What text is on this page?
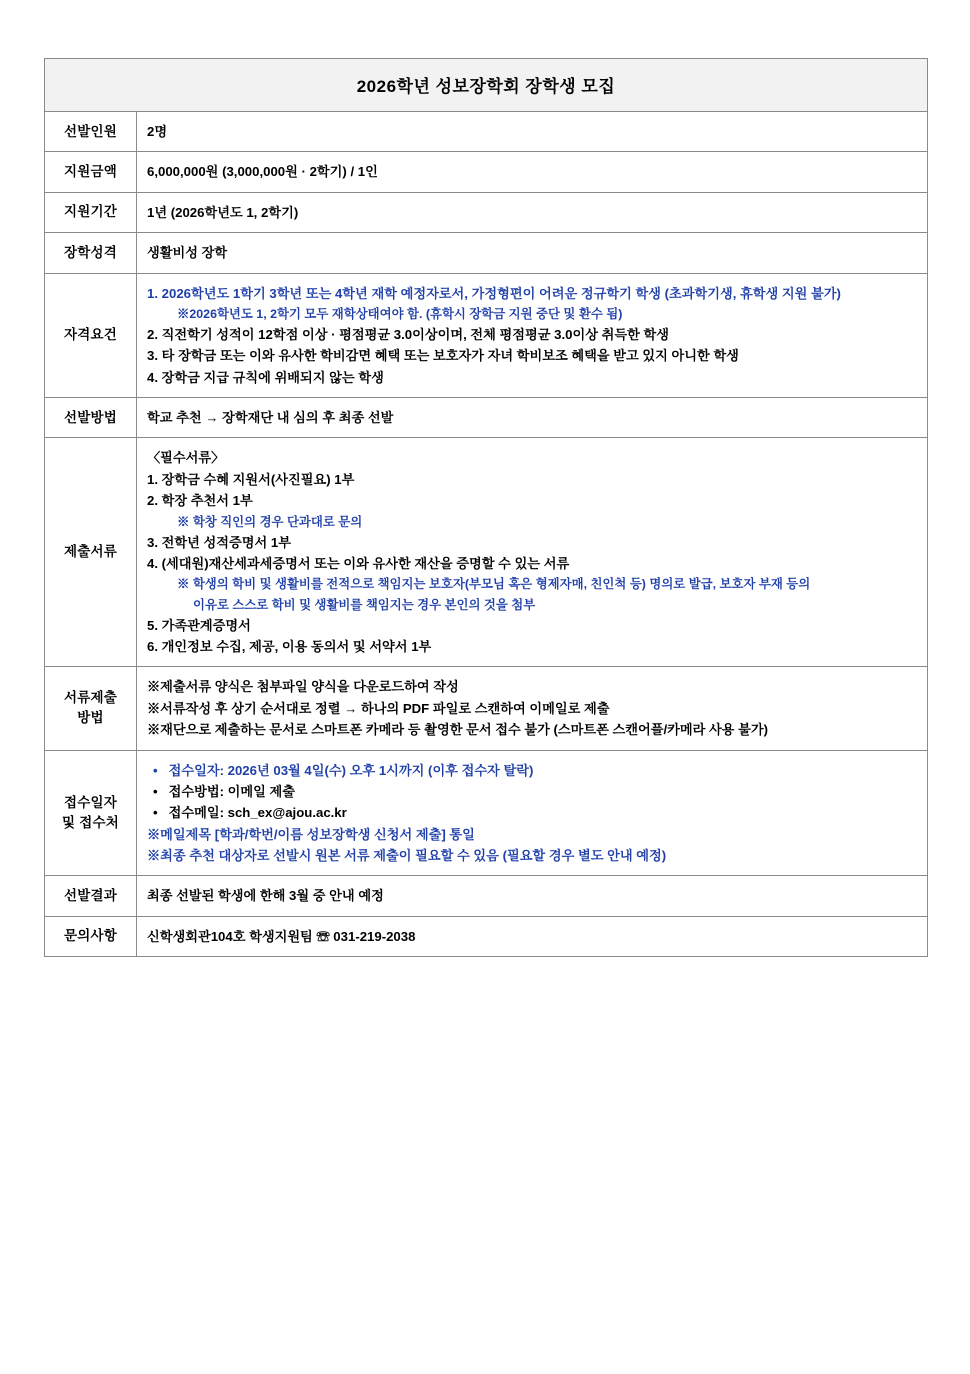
2026학년 성보장학회 장학생 모집	
선발인원	2명

지원금액	6,000,000원 (3,000,000원 · 2학기) / 1인

지원기간	1년 (2026학년도 1, 2학기)

장학성격	생활비성 장학

자격요건	1. 2026학년도 1학기 3학년 또는 4학년 재학 예정자로서, 가정형편이 어려운 정규학기 학생 (초과학기생, 휴학생 지원 불가)
※2026학년도 1, 2학기 모두 재학상태여야 함. (휴학시 장학금 지원 중단 및 환수 됨)
2. 직전학기 성적이 12학점 이상 · 평점평균 3.0이상이며, 전체 평점평균 3.0이상 취득한 학생
3. 타 장학금 또는 이와 유사한 학비감면 혜택 또는 보호자가 자녀 학비보조 혜택을 받고 있지 아니한 학생
4. 장학금 지급 규칙에 위배되지 않는 학생

선발방법	학교 추천 → 장학재단 내 심의 후 최종 선발

제출서류	
〈필수서류〉
1. 장학금 수혜 지원서(사진필요) 1부
2. 학장 추천서 1부
※ 학창 직인의 경우 단과대로 문의
3. 전학년 성적증명서 1부
4. (세대원)재산세과세증명서 또는 이와 유사한 재산을 증명할 수 있는 서류
※ 학생의 학비 및 생활비를 전적으로 책임지는 보호자(부모님 혹은 형제자매, 친인척 등) 명의로 발급, 보호자 부재 등의
이유로 스스로 학비 및 생활비를 책임지는 경우 본인의 것을 첨부
5. 가족관계증명서
6. 개인정보 수집, 제공, 이용 동의서 및 서약서 1부

서류제출
방법	※제출서류 양식은 첨부파일 양식을 다운로드하여 작성
※서류작성 후 상기 순서대로 정렬 → 하나의 PDF 파일로 스캔하여 이메일로 제출
※재단으로 제출하는 문서로 스마트폰 카메라 등 촬영한 문서 접수 불가 (스마트폰 스캔어플/카메라 사용 불가)

접수일자
및 접수처	•   접수일자: 2026년 03월 4일(수) 오후 1시까지 (이후 접수자 탈락)
•   접수방법: 이메일 제출
•   접수메일: sch_ex@ajou.ac.kr
※메일제목 [학과/학번/이름 성보장학생 신청서 제출] 통일
※최종 추천 대상자로 선발시 원본 서류 제출이 필요할 수 있음 (필요할 경우 별도 안내 예정)

선발결과	최종 선발된 학생에 한해 3월 중 안내 예정

문의사항	신학생회관104호 학생지원팀 ☏ 031-219-2038
